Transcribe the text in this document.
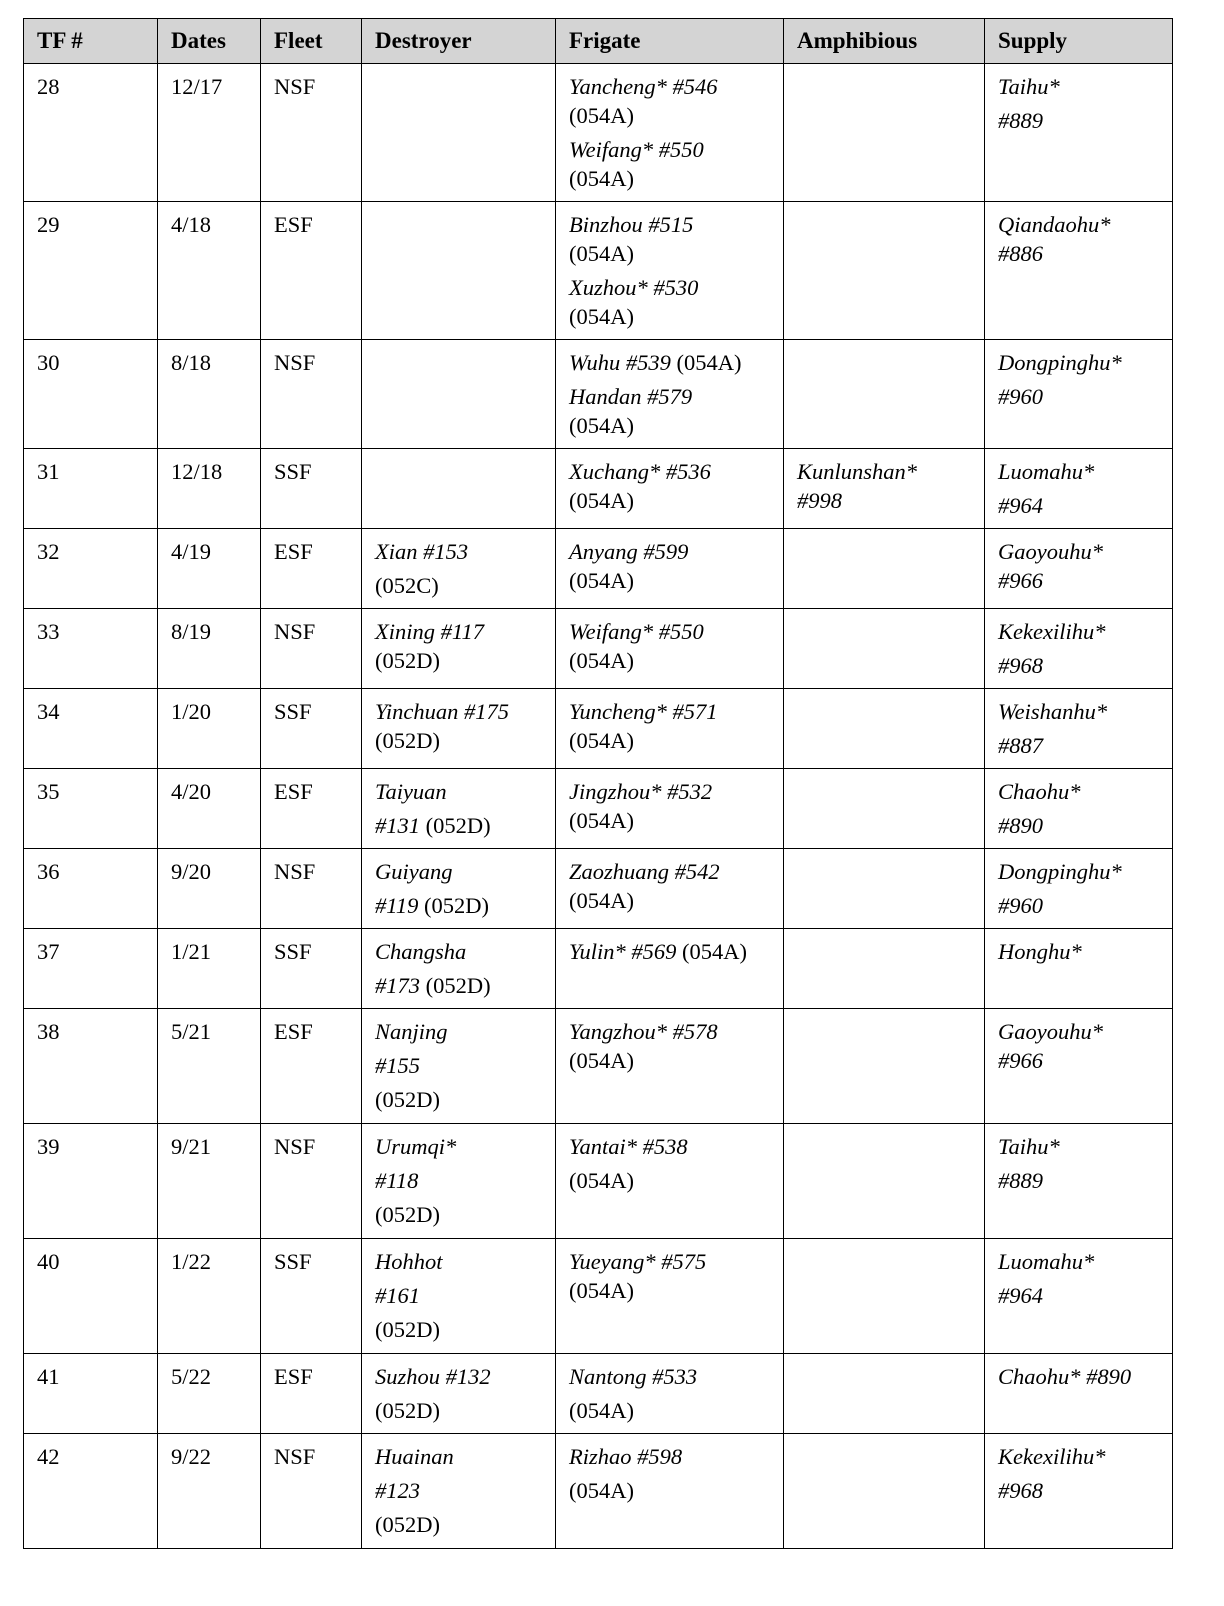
TF #	Dates	Fleet	Destroyer	Frigate	Amphibious	Supply
28	12/17	NSF		Yancheng* #546
(054A)
Weifang* #550
(054A)		Taihu*
#889

29	4/18	ESF		Binzhou #515
(054A)
Xuzhou* #530
(054A)		Qiandaohu*
#886

30	8/18	NSF		Wuhu #539 (054A)
Handan #579
(054A)		Dongpinghu*
#960

31	12/18	SSF		Xuchang* #536
(054A)	Kunlunshan*
#998	Luomahu*
#964

32	4/19	ESF	Xian #153
(052C)	Anyang #599
(054A)		Gaoyouhu*
#966

33	8/19	NSF	Xining #117
(052D)	Weifang* #550
(054A)		Kekexilihu*
#968

34	1/20	SSF	Yinchuan #175
(052D)	Yuncheng* #571
(054A)		Weishanhu*
#887

35	4/20	ESF	Taiyuan
#131 (052D)	Jingzhou* #532
(054A)		Chaohu*
#890

36	9/20	NSF	Guiyang
#119 (052D)	Zaozhuang #542
(054A)		Dongpinghu*
#960

37	1/21	SSF	Changsha
#173 (052D)	Yulin* #569 (054A)		Honghu*

38	5/21	ESF	Nanjing
#155
(052D)	Yangzhou* #578
(054A)		Gaoyouhu*
#966

39	9/21	NSF	Urumqi*
#118
(052D)	Yantai* #538
(054A)		Taihu*
#889

40	1/22	SSF	Hohhot
#161
(052D)	Yueyang* #575
(054A)		Luomahu*
#964

41	5/22	ESF	Suzhou #132
(052D)	Nantong #533
(054A)		Chaohu* #890

42	9/22	NSF	Huainan
#123
(052D)	Rizhao #598
(054A)		Kekexilihu*
#968
